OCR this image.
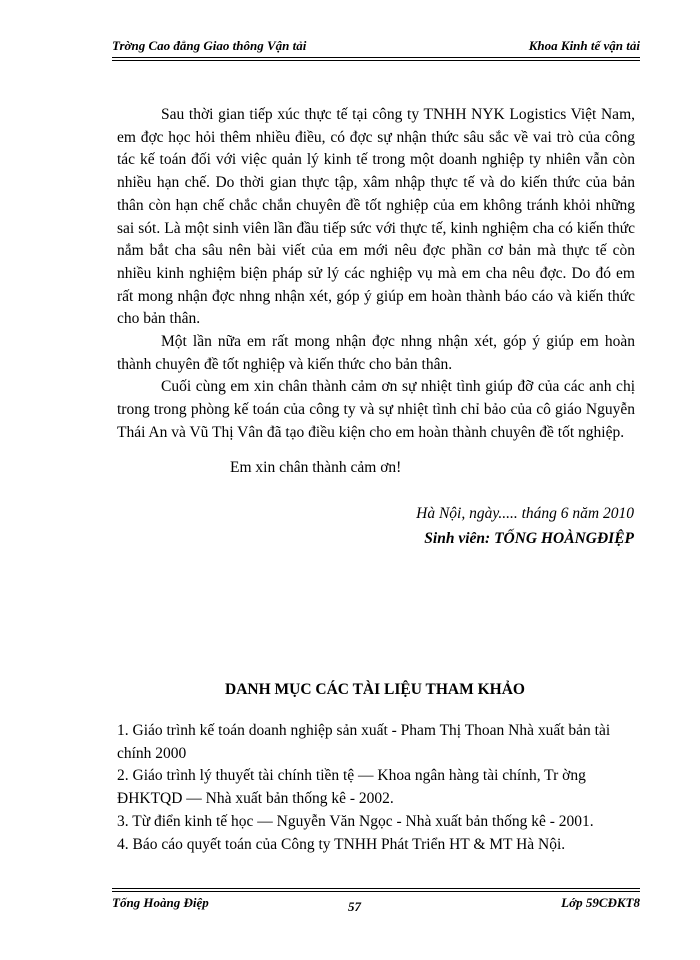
Trờng Cao đẳng Giao thông Vận tải	Khoa Kinh tế vận tải

Sau thời gian tiếp xúc thực tế tại công ty TNHH NYK Logistics Việt Nam, em đợc học hỏi thêm nhiều điều, có đợc sự nhận thức sâu sắc về vai trò của công tác kế toán đối với việc quản lý kinh tế trong một doanh nghiệp ty nhiên vẫn còn nhiều hạn chế. Do thời gian thực tập, xâm nhập thực tế và do kiến thức của bản thân còn hạn chế chắc chắn chuyên đề tốt nghiệp của em không tránh khỏi những sai sót. Là một sinh viên lần đầu tiếp sức với thực tế, kinh nghiệm cha có kiến thức nắm bắt cha sâu nên bài viết của em mới nêu đợc phần cơ bản mà thực tế còn nhiều kinh nghiệm biện pháp sử lý các nghiệp vụ mà em cha nêu đợc. Do đó em rất mong nhận đợc nhng nhận xét, góp ý giúp em hoàn thành báo cáo và kiến thức cho bản thân.

Một lần nữa em rất mong nhận đợc nhng nhận xét, góp ý giúp em hoàn thành chuyên đề tốt nghiệp và kiến thức cho bản thân.

Cuối cùng em xin chân thành cảm ơn sự nhiệt tình giúp đỡ của các anh chị trong trong phòng kế toán của công ty và sự nhiệt tình chỉ bảo của cô giáo Nguyễn Thái An và Vũ Thị Vân đã tạo điều kiện cho em hoàn thành chuyên đề tốt nghiệp.

Em xin chân thành cảm ơn!
Hà Nội, ngày..... tháng 6 năm 2010
Sinh viên: TỐNG HOÀNGĐIỆP
DANH MỤC CÁC TÀI LIỆU THAM KHẢO
1. Giáo trình kế toán doanh nghiệp sản xuất - Pham Thị Thoan Nhà xuất bản tài chính 2000
2. Giáo trình lý thuyết tài chính tiền tệ — Khoa ngân hàng tài chính, Tr ờng ĐHKTQD — Nhà xuất bản thống kê - 2002.
3. Từ điển kinh tế học — Nguyễn Văn Ngọc - Nhà xuất bản thống kê - 2001.
4. Báo cáo quyết toán của Công ty TNHH Phát Triển HT & MT Hà Nội.
Tống Hoàng Điệp	57	Lớp 59CĐKT8
